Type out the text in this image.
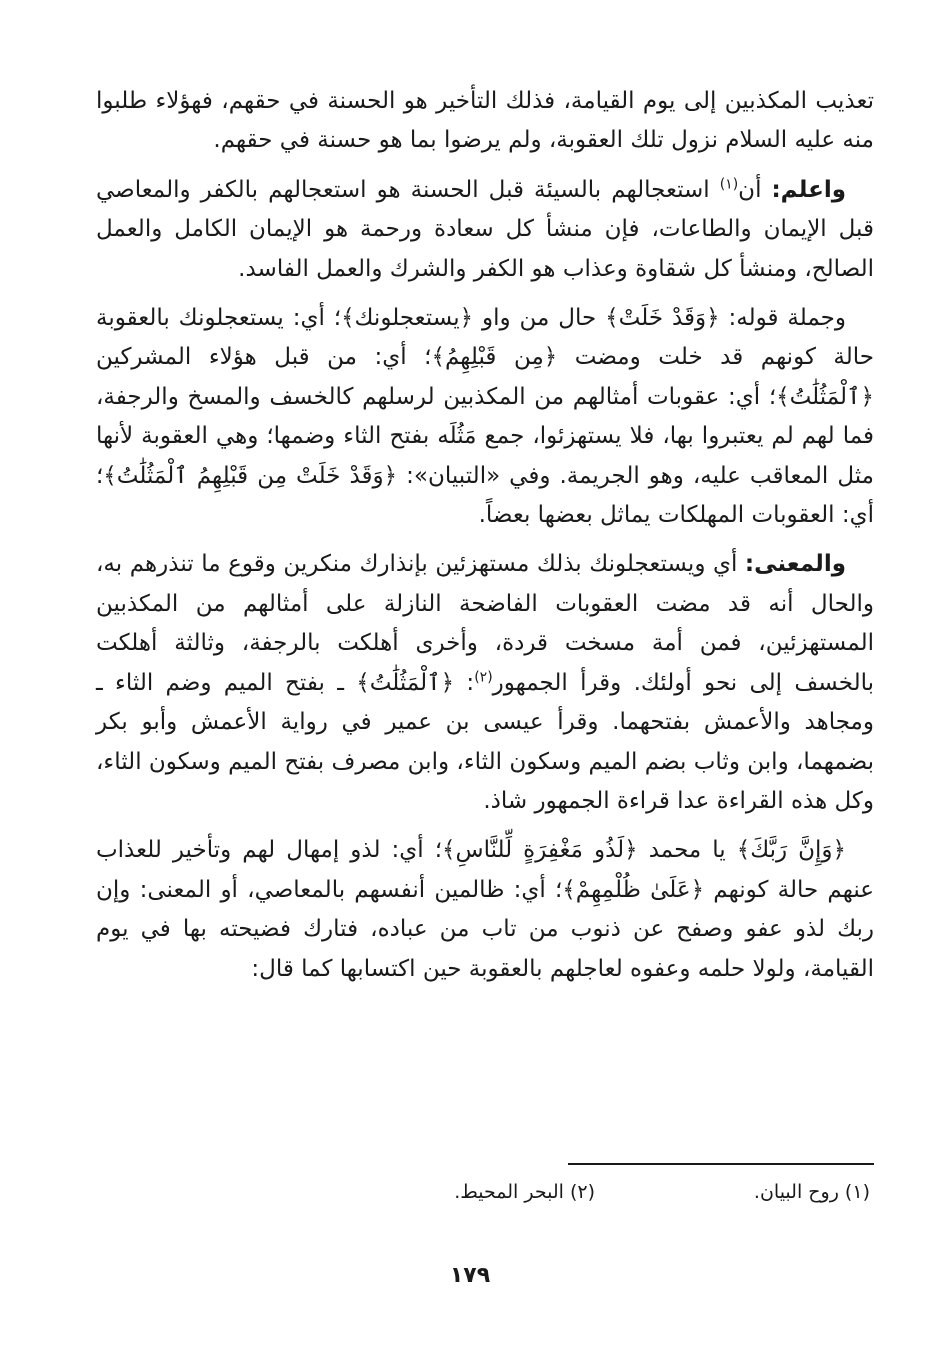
تعذيب المكذبين إلى يوم القيامة، فذلك التأخير هو الحسنة في حقهم، فهؤلاء طلبوا منه عليه السلام نزول تلك العقوبة، ولم يرضوا بما هو حسنة في حقهم.

واعلم: أن$^{(١)}$ استعجالهم بالسيئة قبل الحسنة هو استعجالهم بالكفر والمعاصي قبل الإيمان والطاعات، فإن منشأ كل سعادة ورحمة هو الإيمان الكامل والعمل الصالح، ومنشأ كل شقاوة وعذاب هو الكفر والشرك والعمل الفاسد.

وجملة قوله: ﴿وَقَدْ خَلَتْ﴾ حال من واو ﴿يستعجلونك﴾؛ أي: يستعجلونك بالعقوبة حالة كونهم قد خلت ومضت ﴿مِن قَبْلِهِمُ﴾؛ أي: من قبل هؤلاء المشركين ﴿ٱلْمَثُلَٰتُ﴾؛ أي: عقوبات أمثالهم من المكذبين لرسلهم كالخسف والمسخ والرجفة، فما لهم لم يعتبروا بها، فلا يستهزئوا، جمع مَثُلَه بفتح الثاء وضمها؛ وهي العقوبة لأنها مثل المعاقب عليه، وهو الجريمة. وفي «التبيان»: ﴿وَقَدْ خَلَتْ مِن قَبْلِهِمُ ٱلْمَثُلَٰتُ﴾؛ أي: العقوبات المهلكات يماثل بعضها بعضاً.

والمعنى: أي ويستعجلونك بذلك مستهزئين بإنذارك منكرين وقوع ما تنذرهم به، والحال أنه قد مضت العقوبات الفاضحة النازلة على أمثالهم من المكذبين المستهزئين، فمن أمة مسخت قردة، وأخرى أهلكت بالرجفة، وثالثة أهلكت بالخسف إلى نحو أولئك. وقرأ الجمهور$^{(٢)}$: ﴿ٱلْمَثُلَٰتُ﴾ ـ بفتح الميم وضم الثاء ـ ومجاهد والأعمش بفتحهما. وقرأ عيسى بن عمير في رواية الأعمش وأبو بكر بضمهما، وابن وثاب بضم الميم وسكون الثاء، وابن مصرف بفتح الميم وسكون الثاء، وكل هذه القراءة عدا قراءة الجمهور شاذ.

﴿وَإِنَّ رَبَّكَ﴾ يا محمد ﴿لَذُو مَغْفِرَةٍ لِّلنَّاسِ﴾؛ أي: لذو إمهال لهم وتأخير للعذاب عنهم حالة كونهم ﴿عَلَىٰ ظُلْمِهِمْ﴾؛ أي: ظالمين أنفسهم بالمعاصي، أو المعنى: وإن ربك لذو عفو وصفح عن ذنوب من تاب من عباده، فتارك فضيحته بها في يوم القيامة، ولولا حلمه وعفوه لعاجلهم بالعقوبة حين اكتسابها كما قال:

(١) روح البيان.
(٢) البحر المحيط.
١٧٩
